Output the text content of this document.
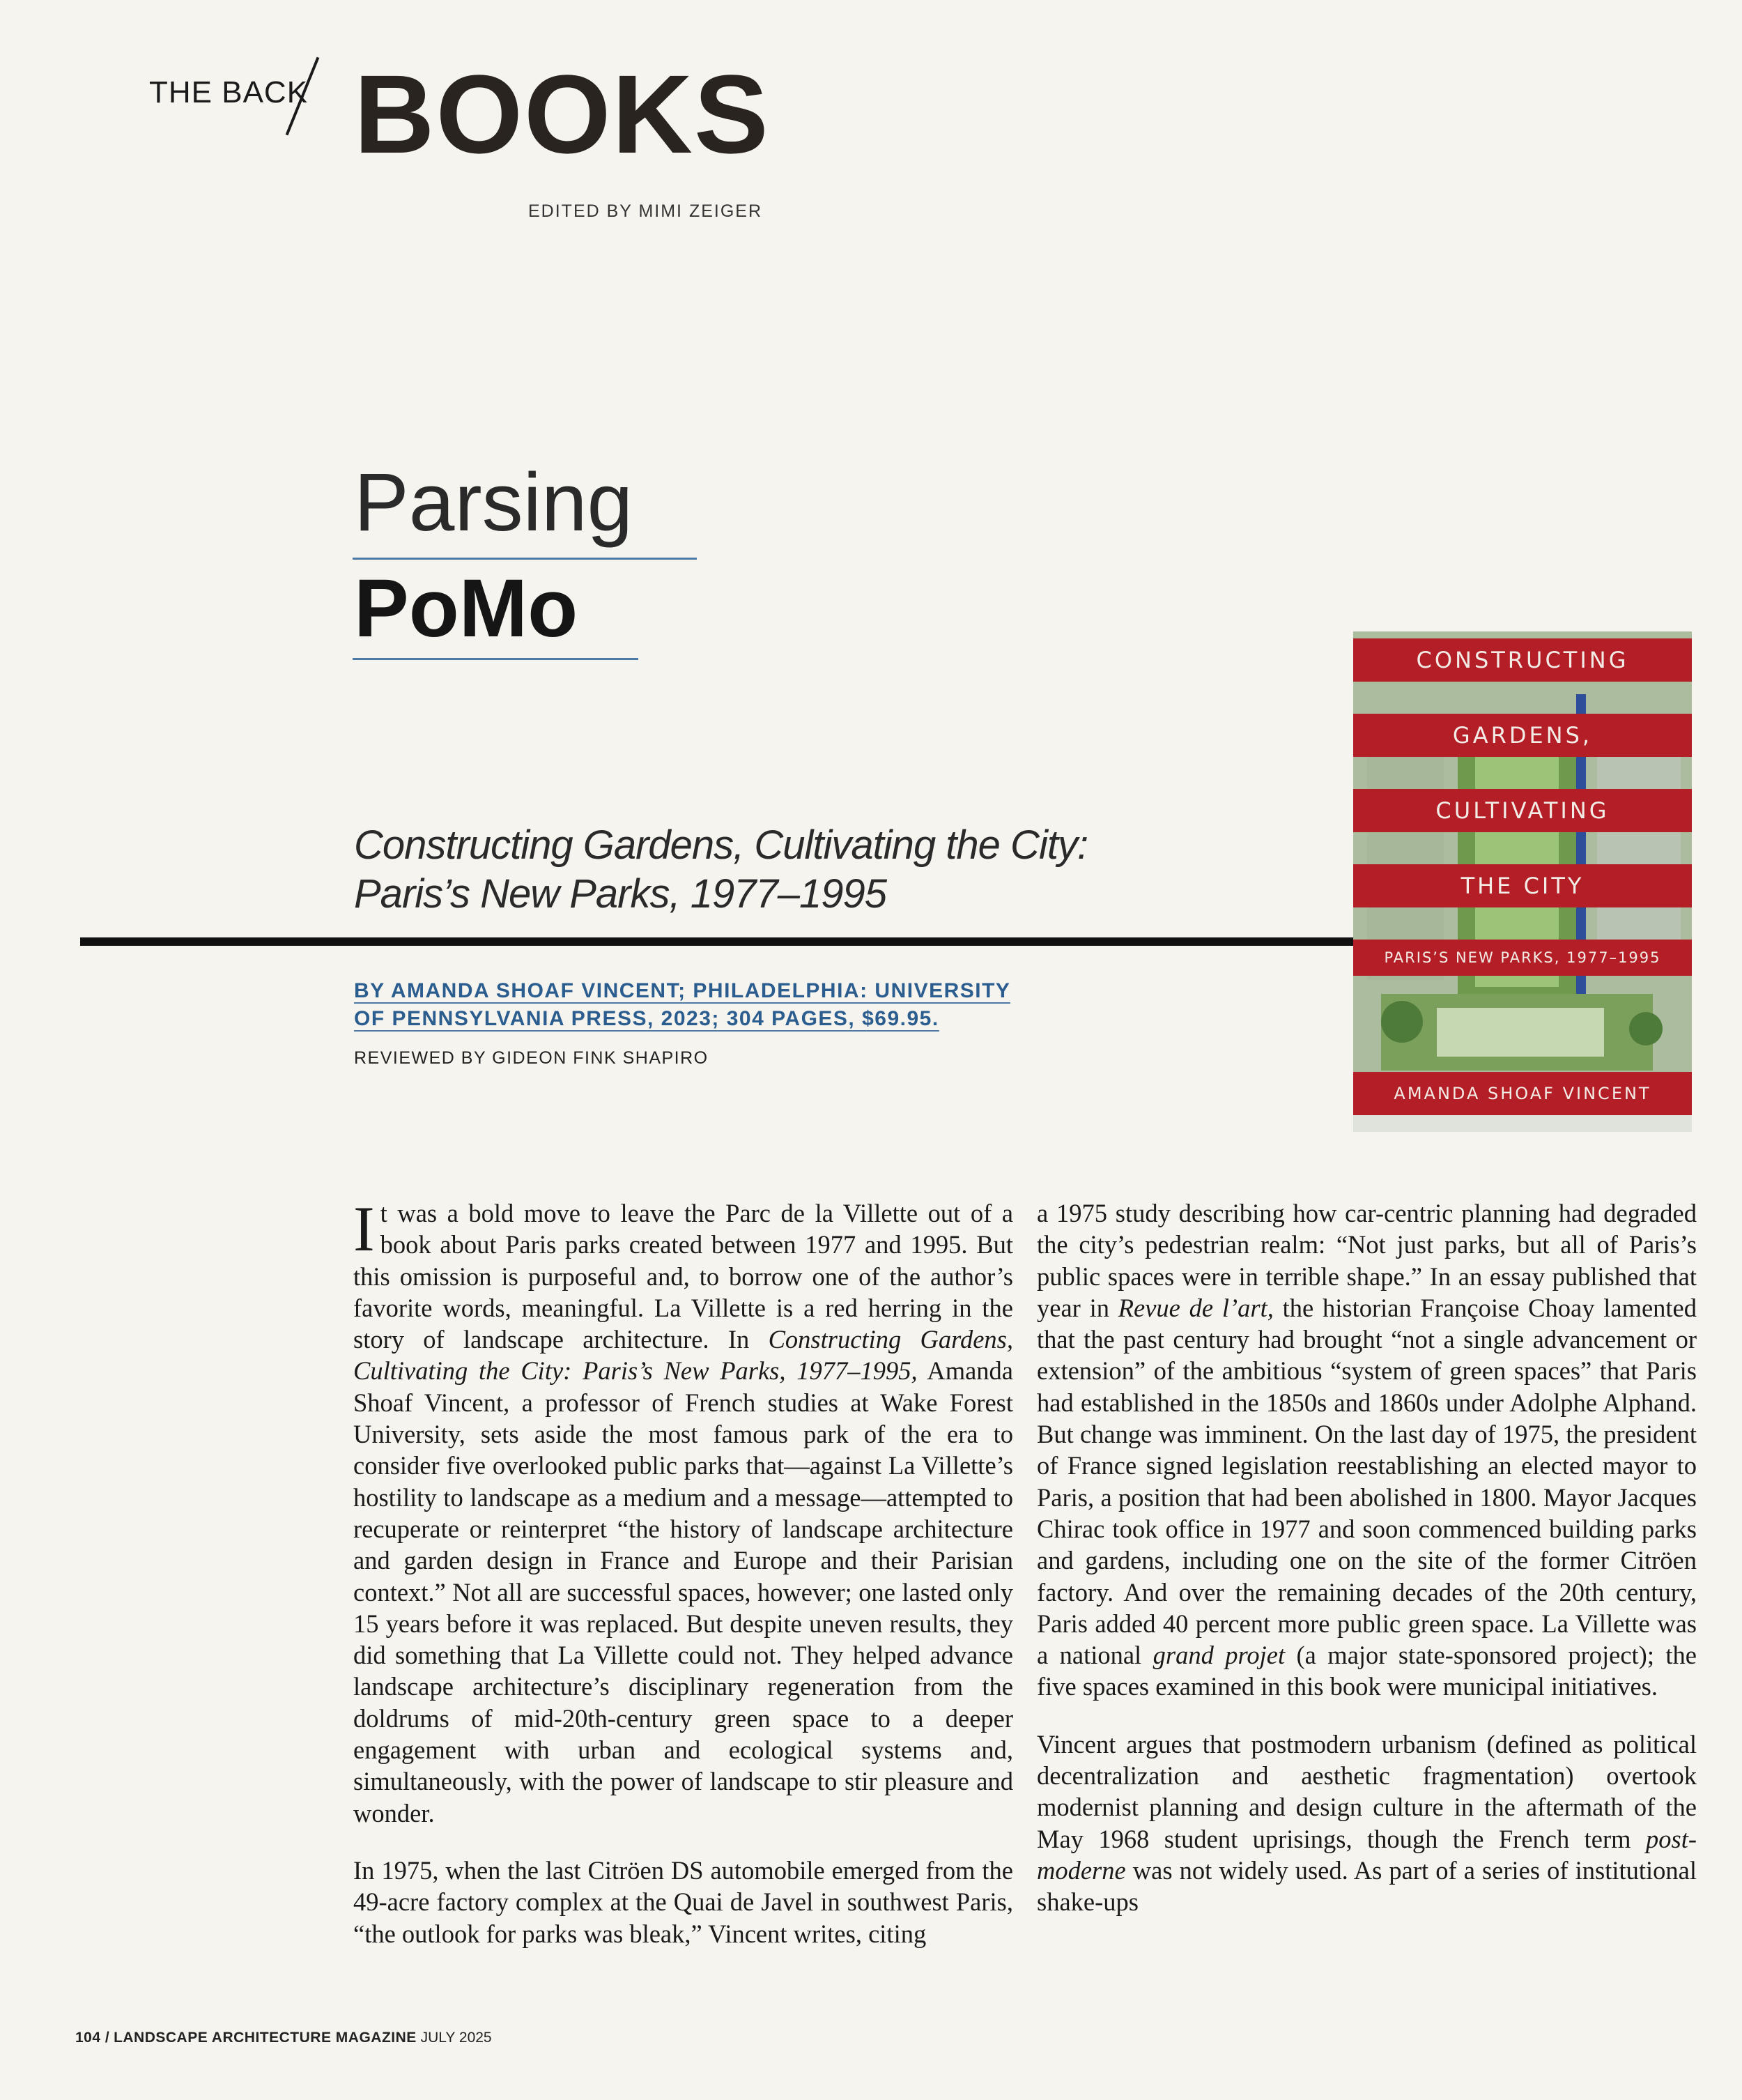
THE BACK BOOKS
EDITED BY MIMI ZEIGER
Parsing
PoMo
Constructing Gardens, Cultivating the City:
Paris’s New Parks, 1977–1995
BY AMANDA SHOAF VINCENT; PHILADELPHIA: UNIVERSITY
OF PENNSYLVANIA PRESS, 2023; 304 PAGES, $69.95.
REVIEWED BY GIDEON FINK SHAPIRO
CONSTRUCTING
GARDENS,
CULTIVATING
THE CITY
PARIS’S NEW PARKS, 1977–1995
AMANDA SHOAF VINCENT

It was a bold move to leave the Parc de la Villette out of a book about Paris parks created between 1977 and 1995. But this omission is purposeful and, to borrow one of the author’s favorite words, meaningful. La Villette is a red herring in the story of landscape architecture. In Constructing Gardens, Cultivating the City: Paris’s New Parks, 1977–1995, Amanda Shoaf Vincent, a professor of French studies at Wake Forest University, sets aside the most famous park of the era to consider five overlooked public parks that—against La Villette’s hostility to landscape as a medium and a message—attempted to recuperate or reinterpret “the history of landscape architecture and garden design in France and Europe and their Parisian context.” Not all are successful spaces, however; one lasted only 15 years before it was replaced. But despite uneven results, they did something that La Villette could not. They helped advance landscape architecture’s disciplinary regeneration from the doldrums of mid-20th-century green space to a deeper engagement with urban and ecological systems and, simultaneously, with the power of landscape to stir pleasure and wonder.

In 1975, when the last Citröen DS automobile emerged from the 49-acre factory complex at the Quai de Javel in southwest Paris, “the outlook for parks was bleak,” Vincent writes, citing

a 1975 study describing how car-centric planning had degraded the city’s pedestrian realm: “Not just parks, but all of Paris’s public spaces were in terrible shape.” In an essay published that year in Revue de l’art, the historian Françoise Choay lamented that the past century had brought “not a single advancement or extension” of the ambitious “system of green spaces” that Paris had established in the 1850s and 1860s under Adolphe Alphand. But change was imminent. On the last day of 1975, the president of France signed legislation reestablishing an elected mayor to Paris, a position that had been abolished in 1800. Mayor Jacques Chirac took office in 1977 and soon commenced building parks and gardens, including one on the site of the former Citröen factory. And over the remaining decades of the 20th century, Paris added 40 percent more public green space. La Villette was a national grand projet (a major state-sponsored project); the five spaces examined in this book were municipal initiatives.

Vincent argues that postmodern urbanism (defined as political decentralization and aesthetic fragmentation) overtook modernist planning and design culture in the aftermath of the May 1968 student uprisings, though the French term post-moderne was not widely used. As part of a series of institutional shake-ups

104 / LANDSCAPE ARCHITECTURE MAGAZINE JULY 2025
